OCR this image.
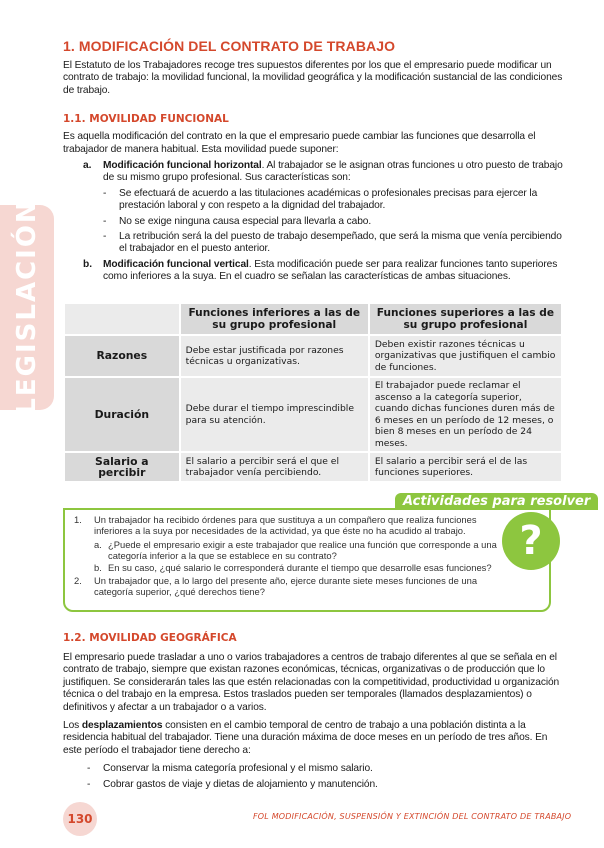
LEGISLACIÓN
1. MODIFICACIÓN DEL CONTRATO DE TRABAJO

El Estatuto de los Trabajadores recoge tres supuestos diferentes por los que el empresario puede modificar un contrato de trabajo: la movilidad funcional, la movilidad geográfica y la modificación sustancial de las condiciones de trabajo.

1.1. MOVILIDAD FUNCIONAL

Es aquella modificación del contrato en la que el empresario puede cambiar las funciones que desarrolla el trabajador de manera habitual. Esta movilidad puede suponer:

a. Modificación funcional horizontal. Al trabajador se le asignan otras funciones u otro puesto de trabajo de su mismo grupo profesional. Sus características son:

- Se efectuará de acuerdo a las titulaciones académicas o profesionales precisas para ejercer la prestación laboral y con respeto a la dignidad del trabajador.
- No se exige ninguna causa especial para llevarla a cabo.
- La retribución será la del puesto de trabajo desempeñado, que será la misma que venía percibiendo el trabajador en el puesto anterior.
b. Modificación funcional vertical. Esta modificación puede ser para realizar funciones tanto superiores como inferiores a la suya. En el cuadro se señalan las características de ambas situaciones.

	Funciones inferiores a las de su grupo profesional	Funciones superiores a las de su grupo profesional
Razones	Debe estar justificada por razones técnicas u organizativas.	Deben existir razones técnicas u organizativas que justifiquen el cambio de funciones.
Duración	Debe durar el tiempo imprescindible para su atención.	El trabajador puede reclamar el ascenso a la categoría superior, cuando dichas funciones duren más de 6 meses en un período de 12 meses, o bien 8 meses en un período de 24 meses.
Salario a percibir	El salario a percibir será el que el trabajador venía percibiendo.	El salario a percibir será el de las funciones superiores.
Actividades para resolver
?
1. Un trabajador ha recibido órdenes para que sustituya a un compañero que realiza funciones inferiores a la suya por necesidades de la actividad, ya que éste no ha acudido al trabajo.
a. ¿Puede el empresario exigir a este trabajador que realice una función que corresponde a una categoría inferior a la que se establece en su contrato?
b. En su caso, ¿qué salario le corresponderá durante el tiempo que desarrolle esas funciones?
2. Un trabajador que, a lo largo del presente año, ejerce durante siete meses funciones de una categoría superior, ¿qué derechos tiene?
1.2. MOVILIDAD GEOGRÁFICA

El empresario puede trasladar a uno o varios trabajadores a centros de trabajo diferentes al que se señala en el contrato de trabajo, siempre que existan razones económicas, técnicas, organizativas o de producción que lo justifiquen. Se considerarán tales las que estén relacionadas con la competitividad, productividad u organización técnica o del trabajo en la empresa. Estos traslados pueden ser temporales (llamados desplazamientos) o definitivos y afectar a un trabajador o a varios.

Los desplazamientos consisten en el cambio temporal de centro de trabajo a una población distinta a la residencia habitual del trabajador. Tiene una duración máxima de doce meses en un período de tres años. En este período el trabajador tiene derecho a:

- Conservar la misma categoría profesional y el mismo salario.
- Cobrar gastos de viaje y dietas de alojamiento y manutención.
130	FOL MODIFICACIÓN, SUSPENSIÓN Y EXTINCIÓN DEL CONTRATO DE TRABAJO
